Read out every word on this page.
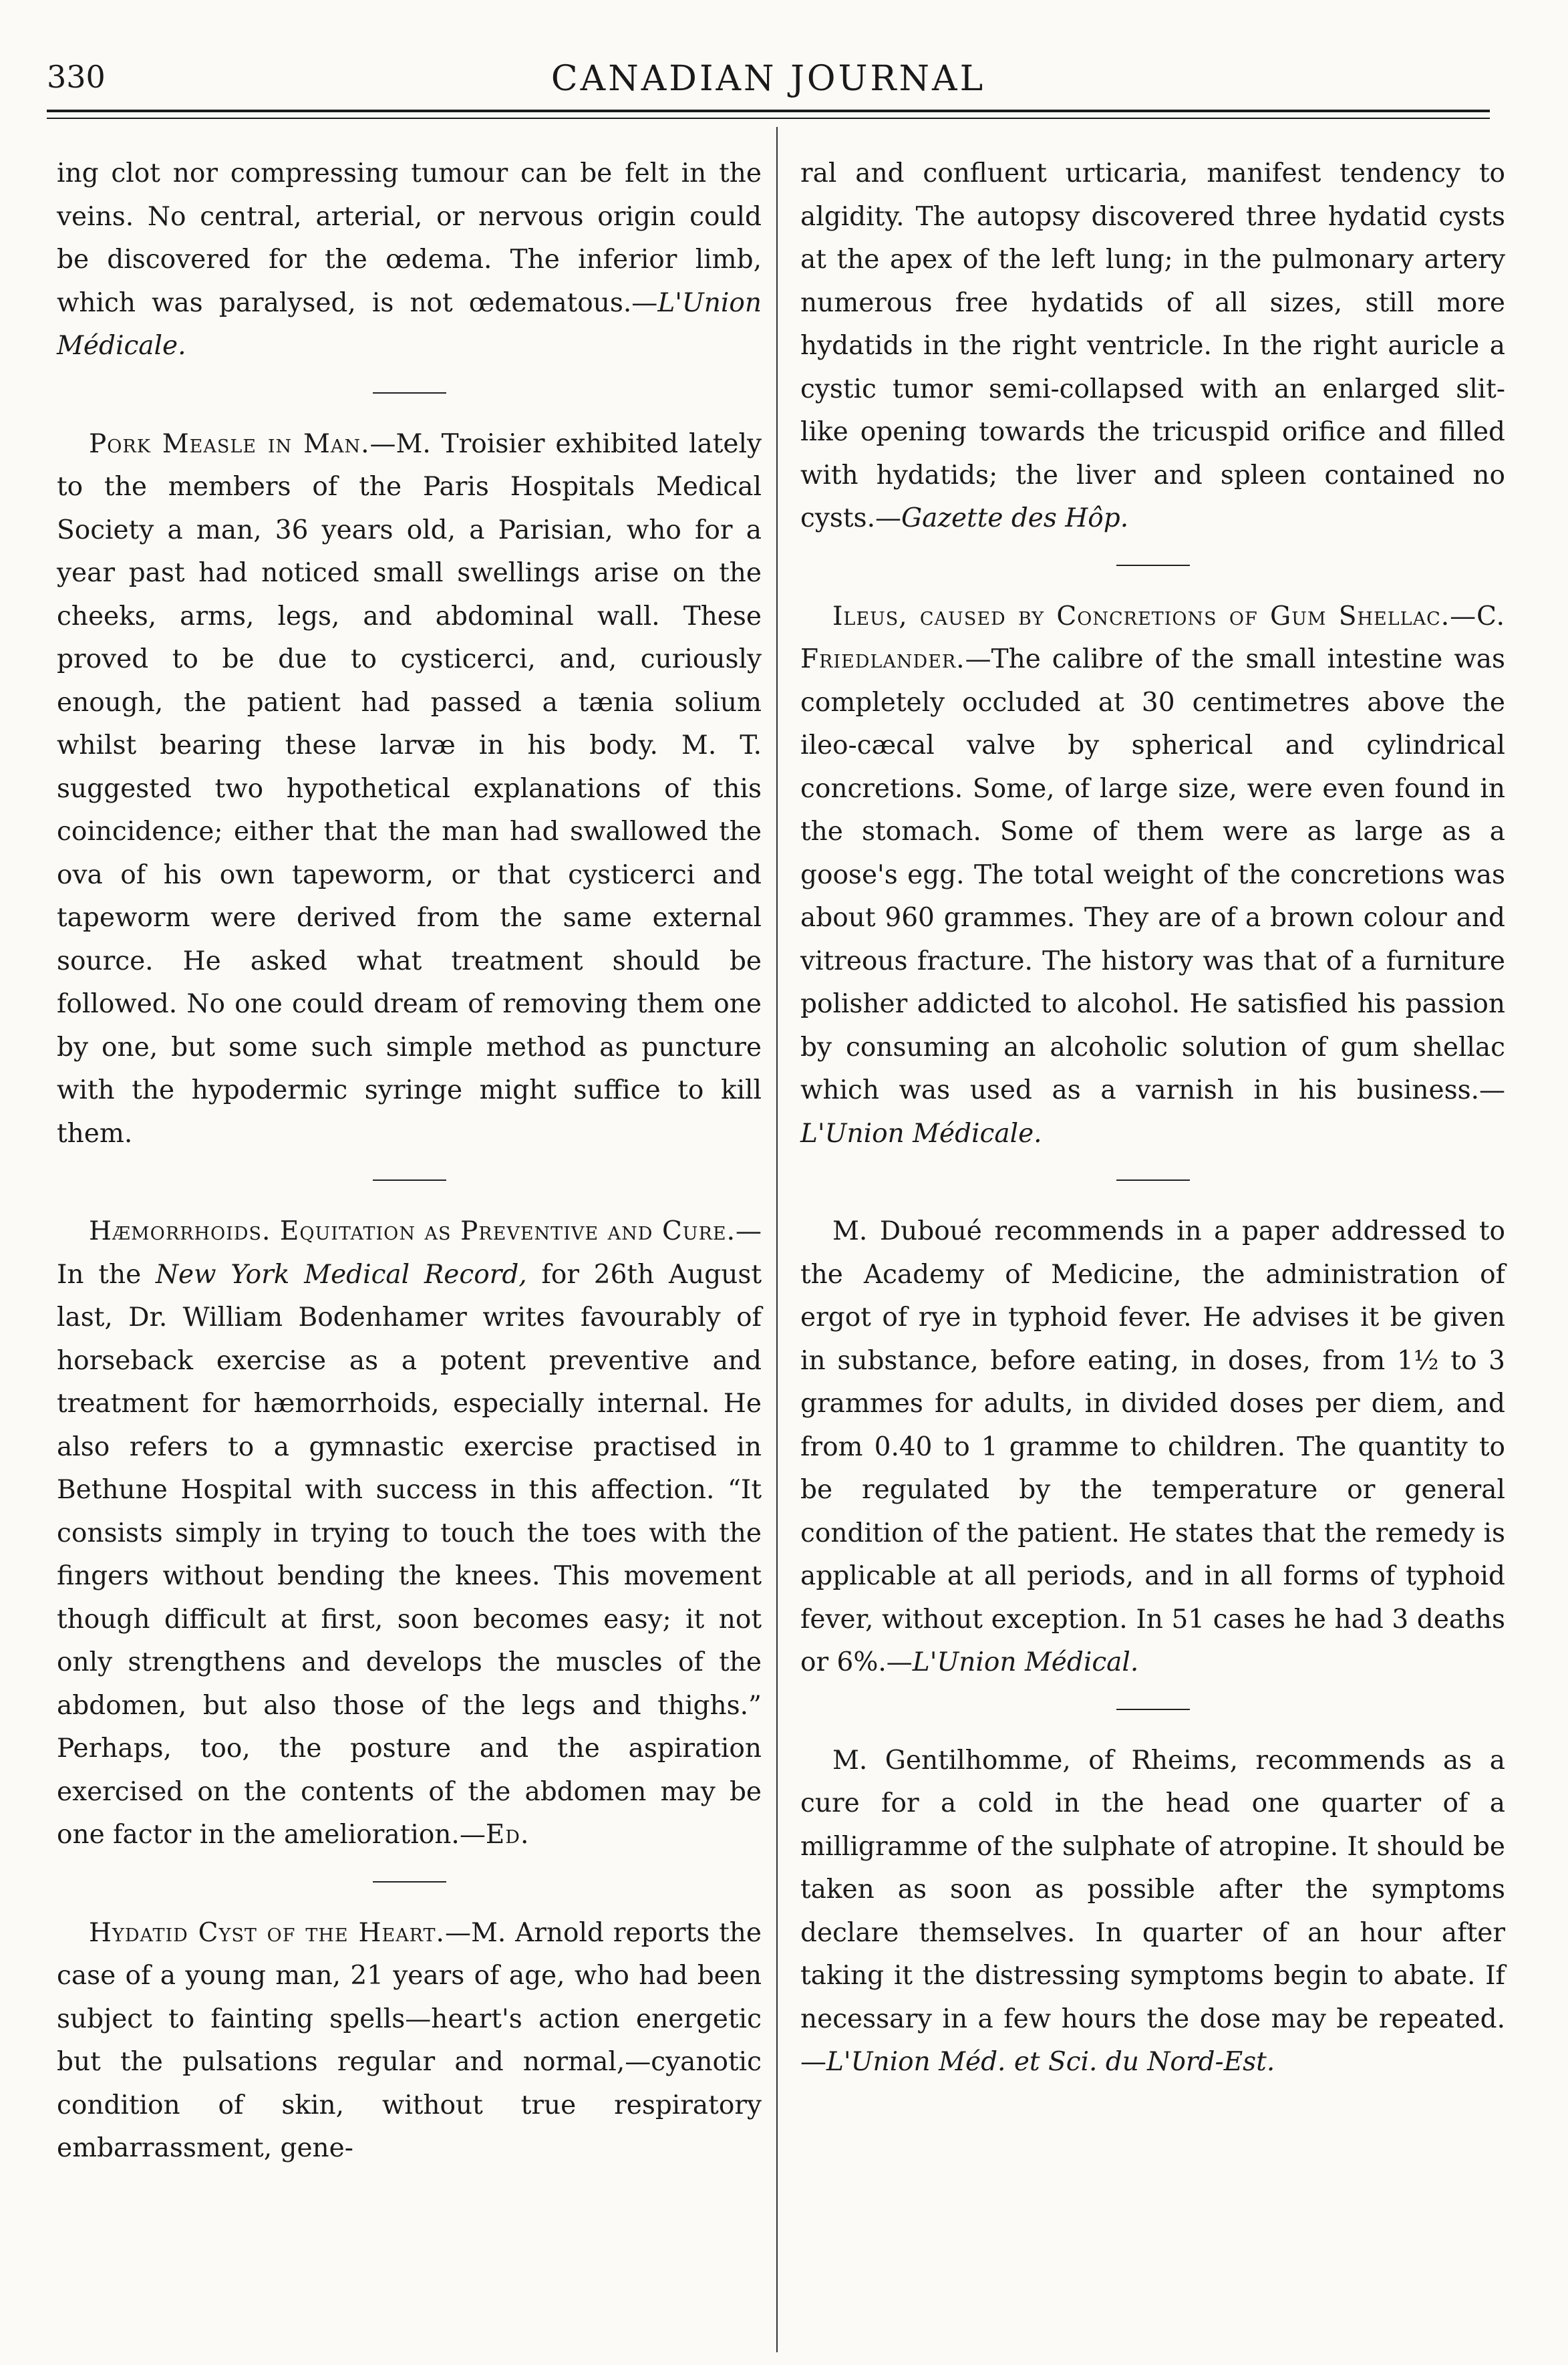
330	CANADIAN JOURNAL

ing clot nor compressing tumour can be felt in the veins. No central, arterial, or nervous origin could be discovered for the œdema. The inferior limb, which was paralysed, is not œdematous.—L'Union Médicale.

Pork Measle in Man.—M. Troisier exhibited lately to the members of the Paris Hospitals Medical Society a man, 36 years old, a Parisian, who for a year past had noticed small swellings arise on the cheeks, arms, legs, and abdominal wall. These proved to be due to cysticerci, and, curiously enough, the patient had passed a tænia solium whilst bearing these larvæ in his body. M. T. suggested two hypothetical explanations of this coincidence; either that the man had swallowed the ova of his own tapeworm, or that cysticerci and tapeworm were derived from the same external source. He asked what treatment should be followed. No one could dream of removing them one by one, but some such simple method as puncture with the hypodermic syringe might suffice to kill them.

Hæmorrhoids. Equitation as Preventive and Cure.—In the New York Medical Record, for 26th August last, Dr. William Bodenhamer writes favourably of horseback exercise as a potent preventive and treatment for hæmorrhoids, especially internal. He also refers to a gymnastic exercise practised in Bethune Hospital with success in this affection. “It consists simply in trying to touch the toes with the fingers without bending the knees. This movement though difficult at first, soon becomes easy; it not only strengthens and develops the muscles of the abdomen, but also those of the legs and thighs.” Perhaps, too, the posture and the aspiration exercised on the contents of the abdomen may be one factor in the amelioration.—Ed.

Hydatid Cyst of the Heart.—M. Arnold reports the case of a young man, 21 years of age, who had been subject to fainting spells—heart's action energetic but the pulsations regular and normal,—cyanotic condition of skin, without true respiratory embarrassment, gene-

ral and confluent urticaria, manifest tendency to algidity. The autopsy discovered three hydatid cysts at the apex of the left lung; in the pulmonary artery numerous free hydatids of all sizes, still more hydatids in the right ventricle. In the right auricle a cystic tumor semi-collapsed with an enlarged slit-like opening towards the tricuspid orifice and filled with hydatids; the liver and spleen contained no cysts.—Gazette des Hôp.

Ileus, caused by Concretions of Gum Shellac.—C. Friedlander.—The calibre of the small intestine was completely occluded at 30 centimetres above the ileo-cæcal valve by spherical and cylindrical concretions. Some, of large size, were even found in the stomach. Some of them were as large as a goose's egg. The total weight of the concretions was about 960 grammes. They are of a brown colour and vitreous fracture. The history was that of a furniture polisher addicted to alcohol. He satisfied his passion by consuming an alcoholic solution of gum shellac which was used as a varnish in his business.—L'Union Médicale.

M. Duboué recommends in a paper addressed to the Academy of Medicine, the administration of ergot of rye in typhoid fever. He advises it be given in substance, before eating, in doses, from 1½ to 3 grammes for adults, in divided doses per diem, and from 0.40 to 1 gramme to children. The quantity to be regulated by the temperature or general condition of the patient. He states that the remedy is applicable at all periods, and in all forms of typhoid fever, without exception. In 51 cases he had 3 deaths or 6%.—L'Union Médical.

M. Gentilhomme, of Rheims, recommends as a cure for a cold in the head one quarter of a milligramme of the sulphate of atropine. It should be taken as soon as possible after the symptoms declare themselves. In quarter of an hour after taking it the distressing symptoms begin to abate. If necessary in a few hours the dose may be repeated.—L'Union Méd. et Sci. du Nord-Est.
